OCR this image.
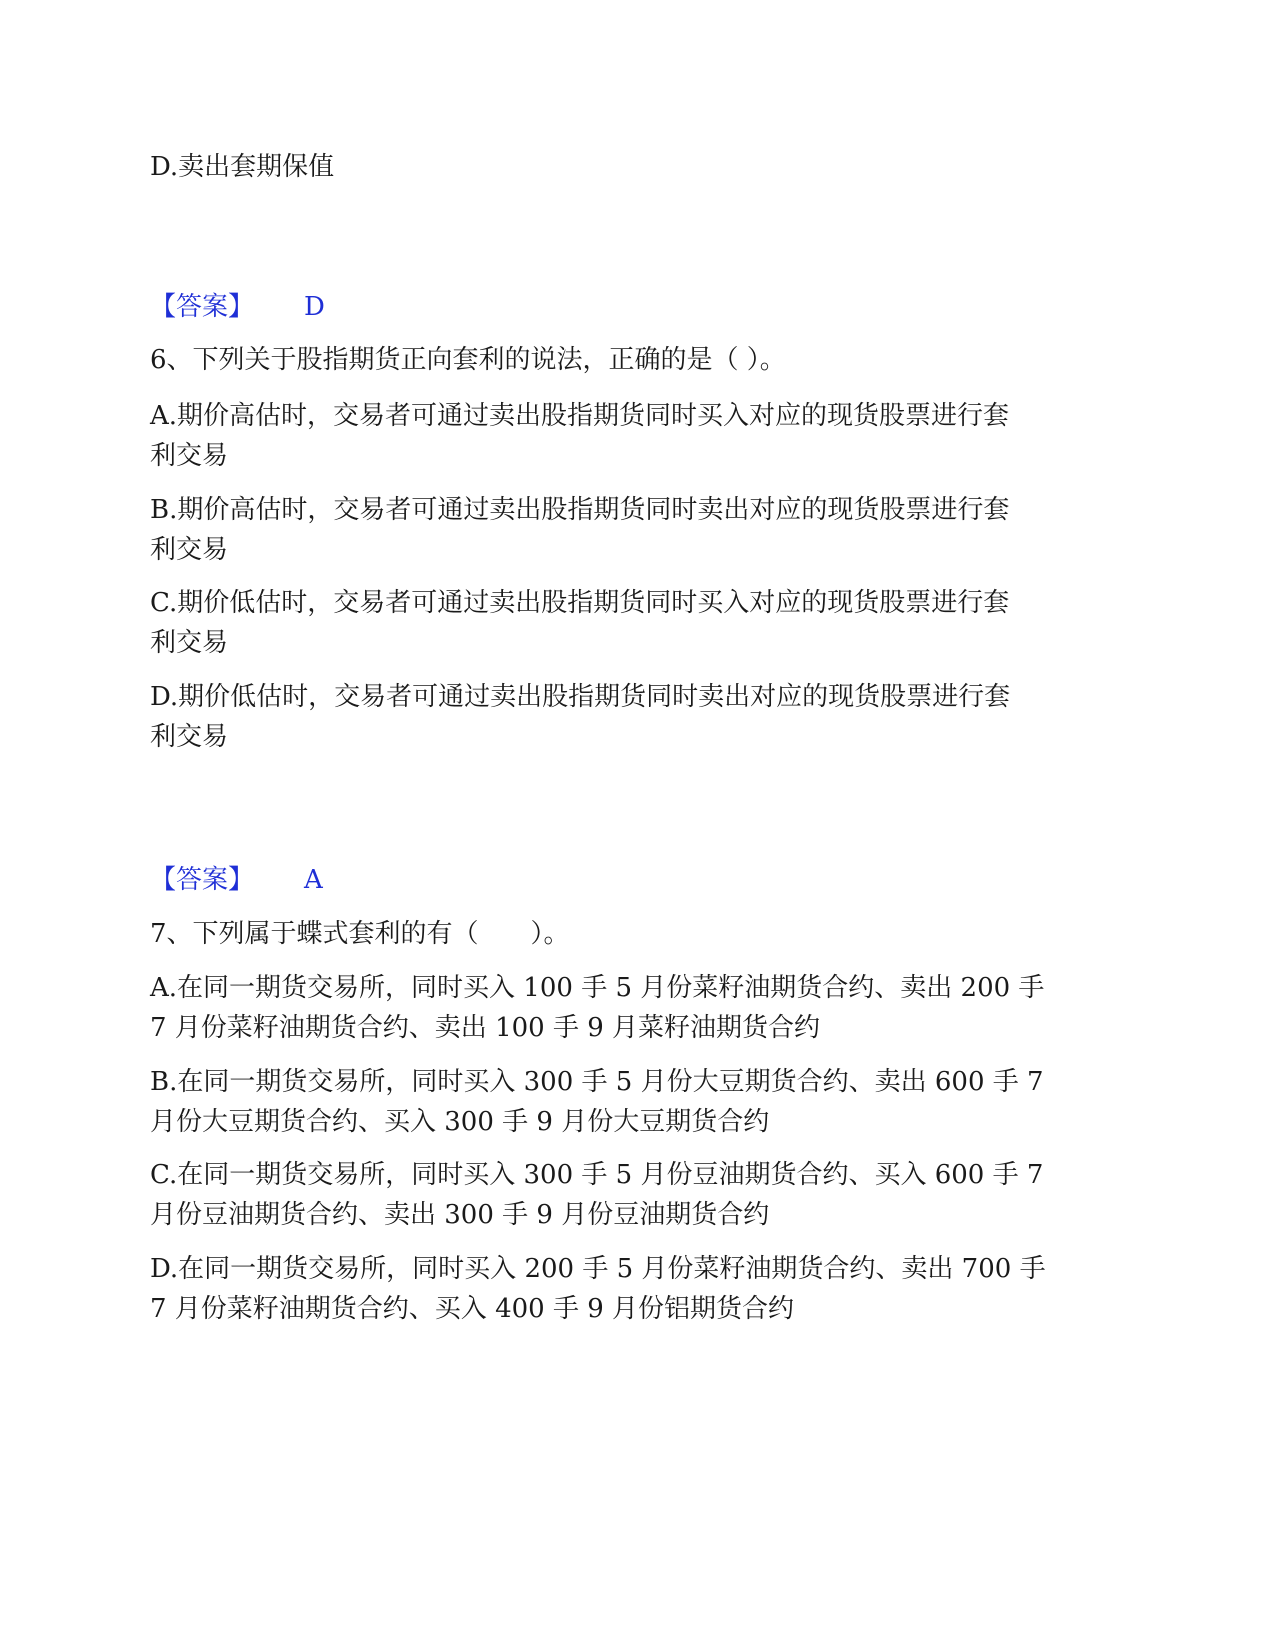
D.卖出套期保值
【答案】 D
6、下列关于股指期货正向套利的说法，正确的是（ ）。
A.期价高估时，交易者可通过卖出股指期货同时买入对应的现货股票进行套
利交易
B.期价高估时，交易者可通过卖出股指期货同时卖出对应的现货股票进行套
利交易
C.期价低估时，交易者可通过卖出股指期货同时买入对应的现货股票进行套
利交易
D.期价低估时，交易者可通过卖出股指期货同时卖出对应的现货股票进行套
利交易
【答案】 A
7、下列属于蝶式套利的有（　　）。
A.在同一期货交易所，同时买入 100 手 5 月份菜籽油期货合约、卖出 200 手
7 月份菜籽油期货合约、卖出 100 手 9 月菜籽油期货合约
B.在同一期货交易所，同时买入 300 手 5 月份大豆期货合约、卖出 600 手 7
月份大豆期货合约、买入 300 手 9 月份大豆期货合约
C.在同一期货交易所，同时买入 300 手 5 月份豆油期货合约、买入 600 手 7
月份豆油期货合约、卖出 300 手 9 月份豆油期货合约
D.在同一期货交易所，同时买入 200 手 5 月份菜籽油期货合约、卖出 700 手
7 月份菜籽油期货合约、买入 400 手 9 月份铝期货合约
